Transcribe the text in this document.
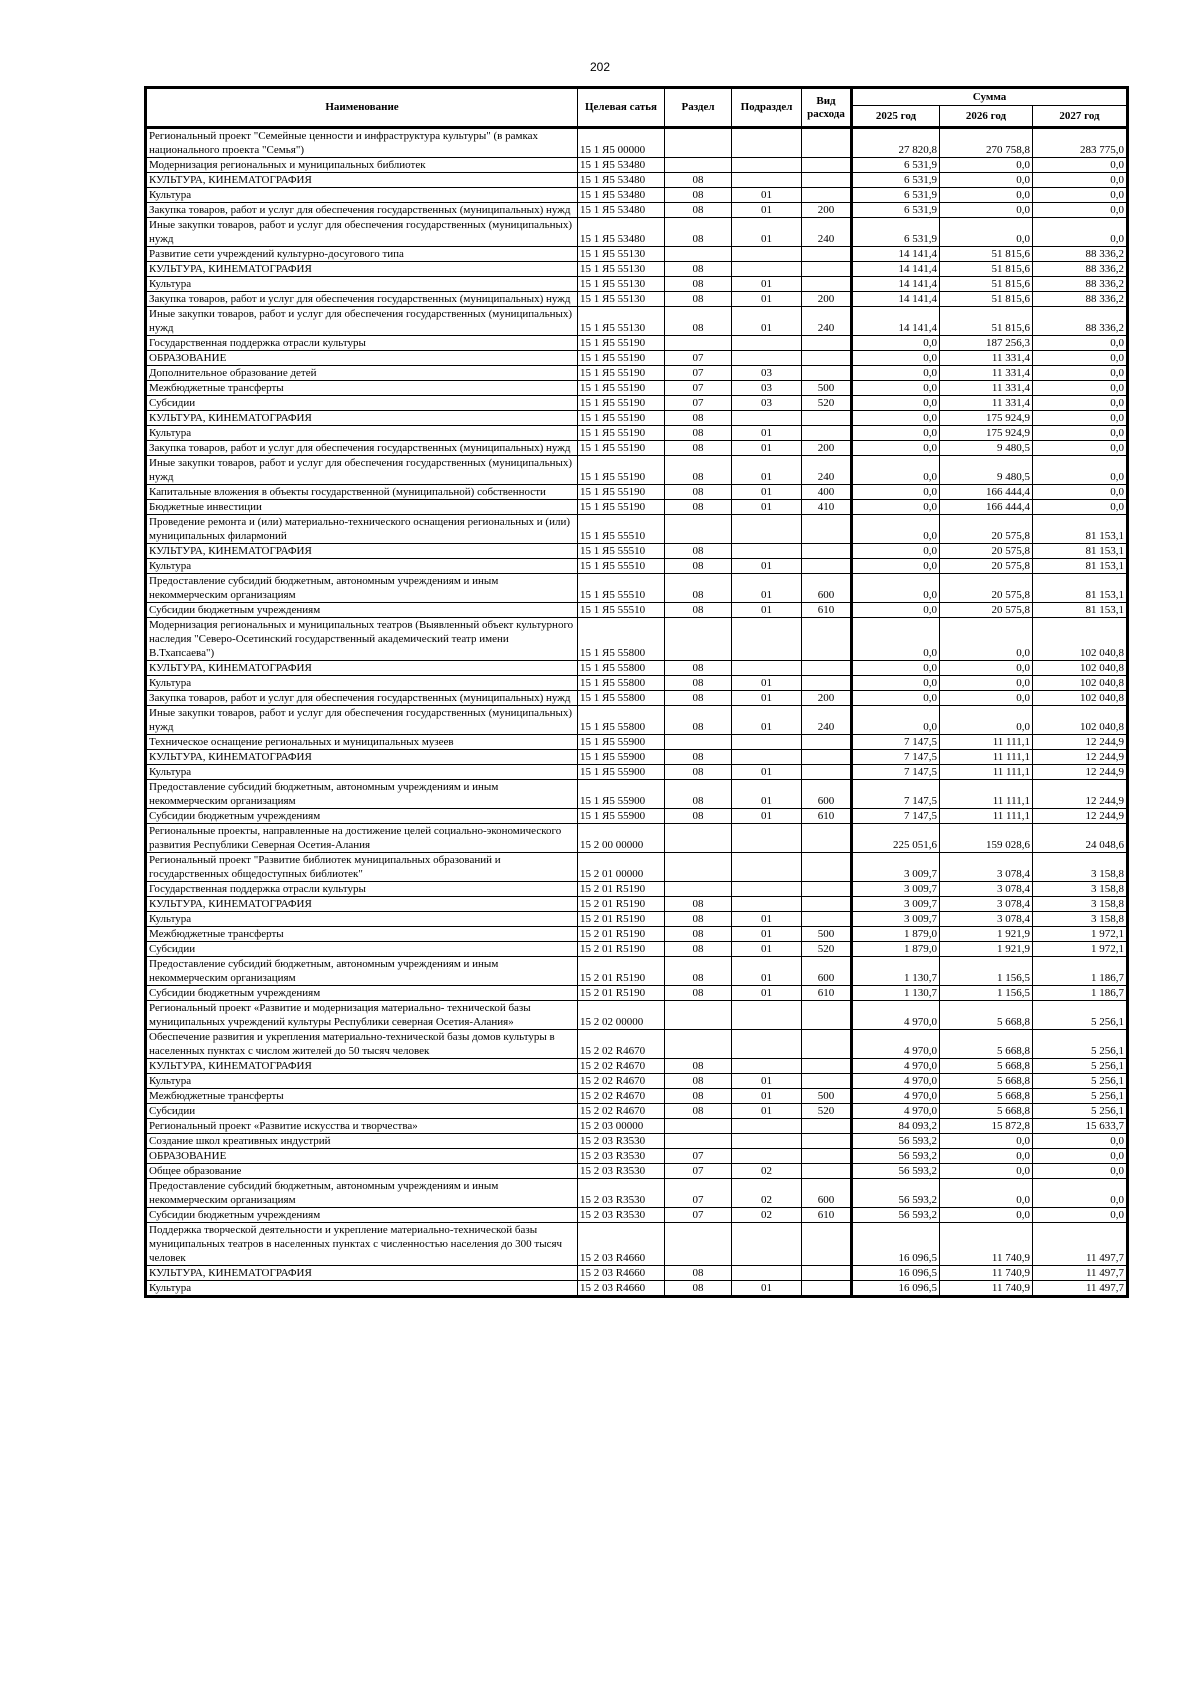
202
Наименование	Целевая сатья	Раздел	Подраздел	Вид расхода	Сумма		
					2025 год	2026 год	2027 год
Региональный проект "Семейные ценности и инфраструктура культуры" (в рамках национального проекта "Семья")	15 1 Я5 00000				27 820,8	270 758,8	283 775,0
Модернизация региональных и муниципальных библиотек	15 1 Я5 53480				6 531,9	0,0	0,0
КУЛЬТУРА, КИНЕМАТОГРАФИЯ	15 1 Я5 53480	08			6 531,9	0,0	0,0
Культура	15 1 Я5 53480	08	01		6 531,9	0,0	0,0
Закупка товаров, работ и услуг для обеспечения государственных (муниципальных) нужд	15 1 Я5 53480	08	01	200	6 531,9	0,0	0,0
Иные закупки товаров, работ и услуг для обеспечения государственных (муниципальных) нужд	15 1 Я5 53480	08	01	240	6 531,9	0,0	0,0
Развитие сети учреждений культурно-досугового типа	15 1 Я5 55130				14 141,4	51 815,6	88 336,2
КУЛЬТУРА, КИНЕМАТОГРАФИЯ	15 1 Я5 55130	08			14 141,4	51 815,6	88 336,2
Культура	15 1 Я5 55130	08	01		14 141,4	51 815,6	88 336,2
Закупка товаров, работ и услуг для обеспечения государственных (муниципальных) нужд	15 1 Я5 55130	08	01	200	14 141,4	51 815,6	88 336,2
Иные закупки товаров, работ и услуг для обеспечения государственных (муниципальных) нужд	15 1 Я5 55130	08	01	240	14 141,4	51 815,6	88 336,2
Государственная поддержка отрасли культуры	15 1 Я5 55190				0,0	187 256,3	0,0
ОБРАЗОВАНИЕ	15 1 Я5 55190	07			0,0	11 331,4	0,0
Дополнительное образование детей	15 1 Я5 55190	07	03		0,0	11 331,4	0,0
Межбюджетные трансферты	15 1 Я5 55190	07	03	500	0,0	11 331,4	0,0
Субсидии	15 1 Я5 55190	07	03	520	0,0	11 331,4	0,0
КУЛЬТУРА, КИНЕМАТОГРАФИЯ	15 1 Я5 55190	08			0,0	175 924,9	0,0
Культура	15 1 Я5 55190	08	01		0,0	175 924,9	0,0
Закупка товаров, работ и услуг для обеспечения государственных (муниципальных) нужд	15 1 Я5 55190	08	01	200	0,0	9 480,5	0,0
Иные закупки товаров, работ и услуг для обеспечения государственных (муниципальных) нужд	15 1 Я5 55190	08	01	240	0,0	9 480,5	0,0
Капитальные вложения в объекты государственной (муниципальной) собственности	15 1 Я5 55190	08	01	400	0,0	166 444,4	0,0
Бюджетные инвестиции	15 1 Я5 55190	08	01	410	0,0	166 444,4	0,0
Проведение ремонта и (или) материально-технического оснащения региональных и (или) муниципальных филармоний	15 1 Я5 55510				0,0	20 575,8	81 153,1
КУЛЬТУРА, КИНЕМАТОГРАФИЯ	15 1 Я5 55510	08			0,0	20 575,8	81 153,1
Культура	15 1 Я5 55510	08	01		0,0	20 575,8	81 153,1
Предоставление субсидий бюджетным, автономным учреждениям и иным некоммерческим организациям	15 1 Я5 55510	08	01	600	0,0	20 575,8	81 153,1
Субсидии бюджетным учреждениям	15 1 Я5 55510	08	01	610	0,0	20 575,8	81 153,1
Модернизация региональных и муниципальных театров (Выявленный объект культурного наследия "Северо-Осетинский государственный академический театр имени В.Тхапсаева")	15 1 Я5 55800				0,0	0,0	102 040,8
КУЛЬТУРА, КИНЕМАТОГРАФИЯ	15 1 Я5 55800	08			0,0	0,0	102 040,8
Культура	15 1 Я5 55800	08	01		0,0	0,0	102 040,8
Закупка товаров, работ и услуг для обеспечения государственных (муниципальных) нужд	15 1 Я5 55800	08	01	200	0,0	0,0	102 040,8
Иные закупки товаров, работ и услуг для обеспечения государственных (муниципальных) нужд	15 1 Я5 55800	08	01	240	0,0	0,0	102 040,8
Техническое оснащение региональных и муниципальных музеев	15 1 Я5 55900				7 147,5	11 111,1	12 244,9
КУЛЬТУРА, КИНЕМАТОГРАФИЯ	15 1 Я5 55900	08			7 147,5	11 111,1	12 244,9
Культура	15 1 Я5 55900	08	01		7 147,5	11 111,1	12 244,9
Предоставление субсидий бюджетным, автономным учреждениям и иным некоммерческим организациям	15 1 Я5 55900	08	01	600	7 147,5	11 111,1	12 244,9
Субсидии бюджетным учреждениям	15 1 Я5 55900	08	01	610	7 147,5	11 111,1	12 244,9
Региональные проекты, направленные на достижение целей социально-экономического развития Республики Северная Осетия-Алания	15 2 00 00000				225 051,6	159 028,6	24 048,6
Региональный проект "Развитие библиотек муниципальных образований и государственных общедоступных библиотек"	15 2 01 00000				3 009,7	3 078,4	3 158,8
Государственная поддержка отрасли культуры	15 2 01 R5190				3 009,7	3 078,4	3 158,8
КУЛЬТУРА, КИНЕМАТОГРАФИЯ	15 2 01 R5190	08			3 009,7	3 078,4	3 158,8
Культура	15 2 01 R5190	08	01		3 009,7	3 078,4	3 158,8
Межбюджетные трансферты	15 2 01 R5190	08	01	500	1 879,0	1 921,9	1 972,1
Субсидии	15 2 01 R5190	08	01	520	1 879,0	1 921,9	1 972,1
Предоставление субсидий бюджетным, автономным учреждениям и иным некоммерческим организациям	15 2 01 R5190	08	01	600	1 130,7	1 156,5	1 186,7
Субсидии бюджетным учреждениям	15 2 01 R5190	08	01	610	1 130,7	1 156,5	1 186,7
Региональный проект «Развитие и модернизация материально- технической базы муниципальных учреждений культуры Республики северная Осетия-Алания»	15 2 02 00000				4 970,0	5 668,8	5 256,1
Обеспечение развития и укрепления материально-технической базы домов культуры в населенных пунктах с числом жителей до 50 тысяч человек	15 2 02 R4670				4 970,0	5 668,8	5 256,1
КУЛЬТУРА, КИНЕМАТОГРАФИЯ	15 2 02 R4670	08			4 970,0	5 668,8	5 256,1
Культура	15 2 02 R4670	08	01		4 970,0	5 668,8	5 256,1
Межбюджетные трансферты	15 2 02 R4670	08	01	500	4 970,0	5 668,8	5 256,1
Субсидии	15 2 02 R4670	08	01	520	4 970,0	5 668,8	5 256,1
Региональный проект «Развитие искусства и творчества»	15 2 03 00000				84 093,2	15 872,8	15 633,7
Создание школ креативных индустрий	15 2 03 R3530				56 593,2	0,0	0,0
ОБРАЗОВАНИЕ	15 2 03 R3530	07			56 593,2	0,0	0,0
Общее образование	15 2 03 R3530	07	02		56 593,2	0,0	0,0
Предоставление субсидий бюджетным, автономным учреждениям и иным некоммерческим организациям	15 2 03 R3530	07	02	600	56 593,2	0,0	0,0
Субсидии бюджетным учреждениям	15 2 03 R3530	07	02	610	56 593,2	0,0	0,0
Поддержка творческой деятельности и укрепление материально-технической базы муниципальных театров в населенных пунктах с численностью населения до 300 тысяч человек	15 2 03 R4660				16 096,5	11 740,9	11 497,7
КУЛЬТУРА, КИНЕМАТОГРАФИЯ	15 2 03 R4660	08			16 096,5	11 740,9	11 497,7
Культура	15 2 03 R4660	08	01		16 096,5	11 740,9	11 497,7
